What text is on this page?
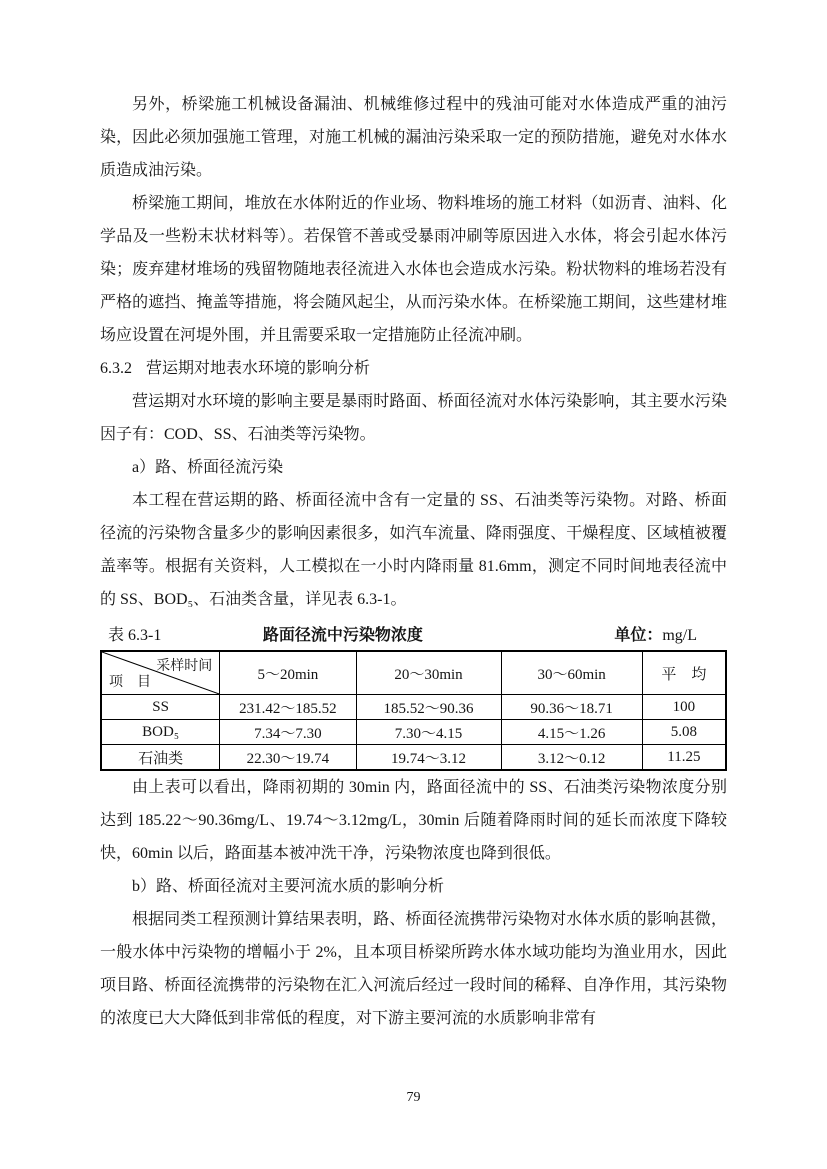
另外，桥梁施工机械设备漏油、机械维修过程中的残油可能对水体造成严重的油污染，因此必须加强施工管理，对施工机械的漏油污染采取一定的预防措施，避免对水体水质造成油污染。

桥梁施工期间，堆放在水体附近的作业场、物料堆场的施工材料（如沥青、油料、化学品及一些粉末状材料等）。若保管不善或受暴雨冲刷等原因进入水体，将会引起水体污染；废弃建材堆场的残留物随地表径流进入水体也会造成水污染。粉状物料的堆场若没有严格的遮挡、掩盖等措施，将会随风起尘，从而污染水体。在桥梁施工期间，这些建材堆场应设置在河堤外围，并且需要采取一定措施防止径流冲刷。

6.3.2 营运期对地表水环境的影响分析

营运期对水环境的影响主要是暴雨时路面、桥面径流对水体污染影响，其主要水污染因子有：COD、SS、石油类等污染物。

a）路、桥面径流污染

本工程在营运期的路、桥面径流中含有一定量的 SS、石油类等污染物。对路、桥面径流的污染物含量多少的影响因素很多，如汽车流量、降雨强度、干燥程度、区域植被覆盖率等。根据有关资料，人工模拟在一小时内降雨量 81.6mm，测定不同时间地表径流中的 SS、BOD₅、石油类含量，详见表 6.3-1。

表 6.3-1	路面径流中污染物浓度	单位：mg/L
采样时间
项　目	5～20min	20～30min	30～60min	平　均
SS	231.42～185.52	185.52～90.36	90.36～18.71	100
BOD₅	7.34～7.30	7.30～4.15	4.15～1.26	5.08
石油类	22.30～19.74	19.74～3.12	3.12～0.12	11.25

由上表可以看出，降雨初期的 30min 内，路面径流中的 SS、石油类污染物浓度分别达到 185.22～90.36mg/L、19.74～3.12mg/L，30min 后随着降雨时间的延长而浓度下降较快，60min 以后，路面基本被冲洗干净，污染物浓度也降到很低。

b）路、桥面径流对主要河流水质的影响分析

根据同类工程预测计算结果表明，路、桥面径流携带污染物对水体水质的影响甚微，一般水体中污染物的增幅小于 2%，且本项目桥梁所跨水体水域功能均为渔业用水，因此项目路、桥面径流携带的污染物在汇入河流后经过一段时间的稀释、自净作用，其污染物的浓度已大大降低到非常低的程度，对下游主要河流的水质影响非常有

79
